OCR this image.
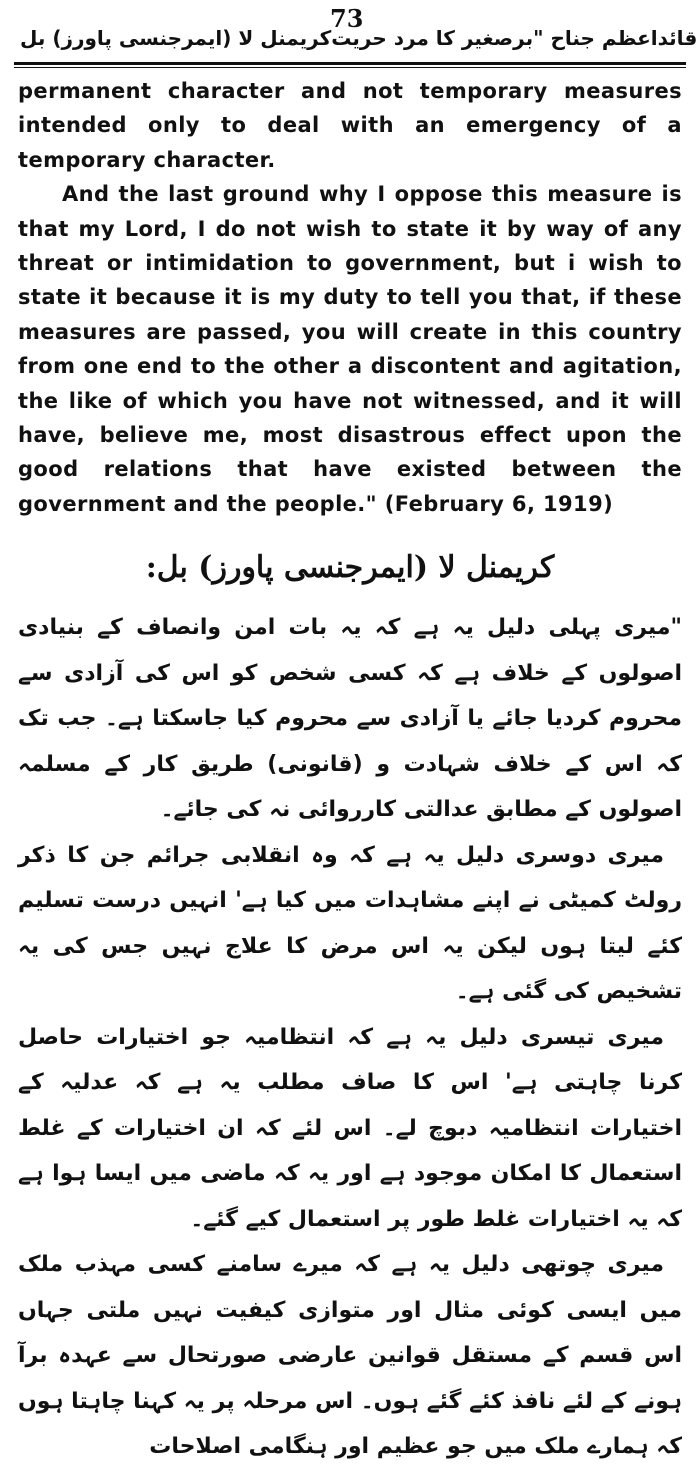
کریمنل لا (ایمرجنسی پاورز) بل	قائداعظم جناح "برصغیر کا مرد حریت
73

permanent character and not temporary measures intended only to deal with an emergency of a temporary character.

And the last ground why I oppose this measure is that my Lord, I do not wish to state it by way of any threat or intimidation to government, but i wish to state it because it is my duty to tell you that, if these measures are passed, you will create in this country from one end to the other a discontent and agitation, the like of which you have not witnessed, and it will have, believe me, most disastrous effect upon the good relations that have existed between the government and the people." (February 6, 1919)

کریمنل لا (ایمرجنسی پاورز) بل:

"میری پہلی دلیل یہ ہے کہ یہ بات امن وانصاف کے بنیادی اصولوں کے خلاف ہے کہ کسی شخص کو اس کی آزادی سے محروم کردیا جائے یا آزادی سے محروم کیا جاسکتا ہے۔ جب تک کہ اس کے خلاف شہادت و (قانونی) طریق کار کے مسلمہ اصولوں کے مطابق عدالتی کارروائی نہ کی جائے۔

میری دوسری دلیل یہ ہے کہ وہ انقلابی جرائم جن کا ذکر رولٹ کمیٹی نے اپنے مشاہدات میں کیا ہے' انہیں درست تسلیم کئے لیتا ہوں لیکن یہ اس مرض کا علاج نہیں جس کی یہ تشخیص کی گئی ہے۔

میری تیسری دلیل یہ ہے کہ انتظامیہ جو اختیارات حاصل کرنا چاہتی ہے' اس کا صاف مطلب یہ ہے کہ عدلیہ کے اختیارات انتظامیہ دبوچ لے۔ اس لئے کہ ان اختیارات کے غلط استعمال کا امکان موجود ہے اور یہ کہ ماضی میں ایسا ہوا ہے کہ یہ اختیارات غلط طور پر استعمال کیے گئے۔

میری چوتھی دلیل یہ ہے کہ میرے سامنے کسی مہذب ملک میں ایسی کوئی مثال اور متوازی کیفیت نہیں ملتی جہاں اس قسم کے مستقل قوانین عارضی صورتحال سے عہدہ برآ ہونے کے لئے نافذ کئے گئے ہوں۔ اس مرحلہ پر یہ کہنا چاہتا ہوں کہ ہمارے ملک میں جو عظیم اور ہنگامی اصلاحات
